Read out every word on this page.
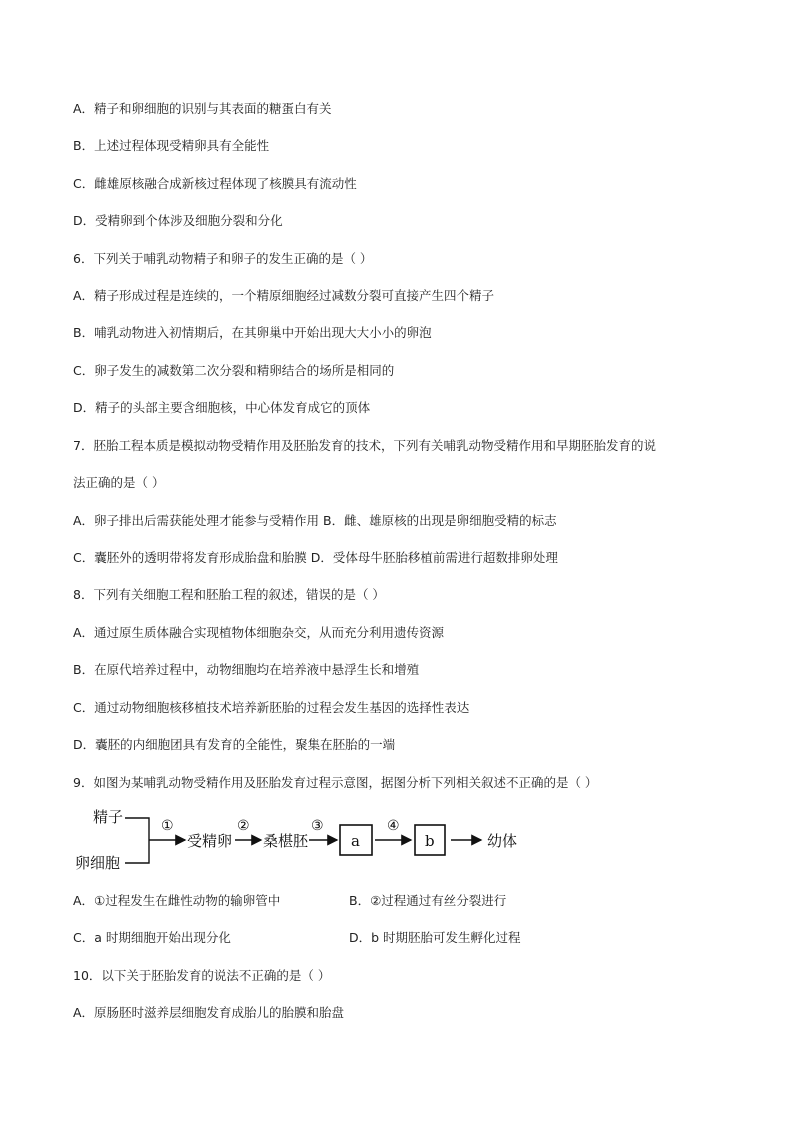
A．精子和卵细胞的识别与其表面的糖蛋白有关
B．上述过程体现受精卵具有全能性
C．雌雄原核融合成新核过程体现了核膜具有流动性
D．受精卵到个体涉及细胞分裂和分化
6．下列关于哺乳动物精子和卵子的发生正确的是（ ）
A．精子形成过程是连续的，一个精原细胞经过减数分裂可直接产生四个精子
B．哺乳动物进入初情期后，在其卵巢中开始出现大大小小的卵泡
C．卵子发生的减数第二次分裂和精卵结合的场所是相同的
D．精子的头部主要含细胞核，中心体发育成它的顶体
7．胚胎工程本质是模拟动物受精作用及胚胎发育的技术，下列有关哺乳动物受精作用和早期胚胎发育的说
法正确的是（ ）
A．卵子排出后需获能处理才能参与受精作用 B．雌、雄原核的出现是卵细胞受精的标志
C．囊胚外的透明带将发育形成胎盘和胎膜 D．受体母牛胚胎移植前需进行超数排卵处理
8．下列有关细胞工程和胚胎工程的叙述，错误的是（ ）
A．通过原生质体融合实现植物体细胞杂交，从而充分利用遗传资源
B．在原代培养过程中，动物细胞均在培养液中悬浮生长和增殖
C．通过动物细胞核移植技术培养新胚胎的过程会发生基因的选择性表达
D．囊胚的内细胞团具有发育的全能性，聚集在胚胎的一端
9．如图为某哺乳动物受精作用及胚胎发育过程示意图，据图分析下列相关叙述不正确的是（ ）
精子
卵细胞
①
受精卵
②
桑椹胚
③
a
④
b	幼体
A．①过程发生在雌性动物的输卵管中	B．②过程通过有丝分裂进行
C．a 时期细胞开始出现分化	D．b 时期胚胎可发生孵化过程
10．以下关于胚胎发育的说法不正确的是（ ）
A．原肠胚时滋养层细胞发育成胎儿的胎膜和胎盘
